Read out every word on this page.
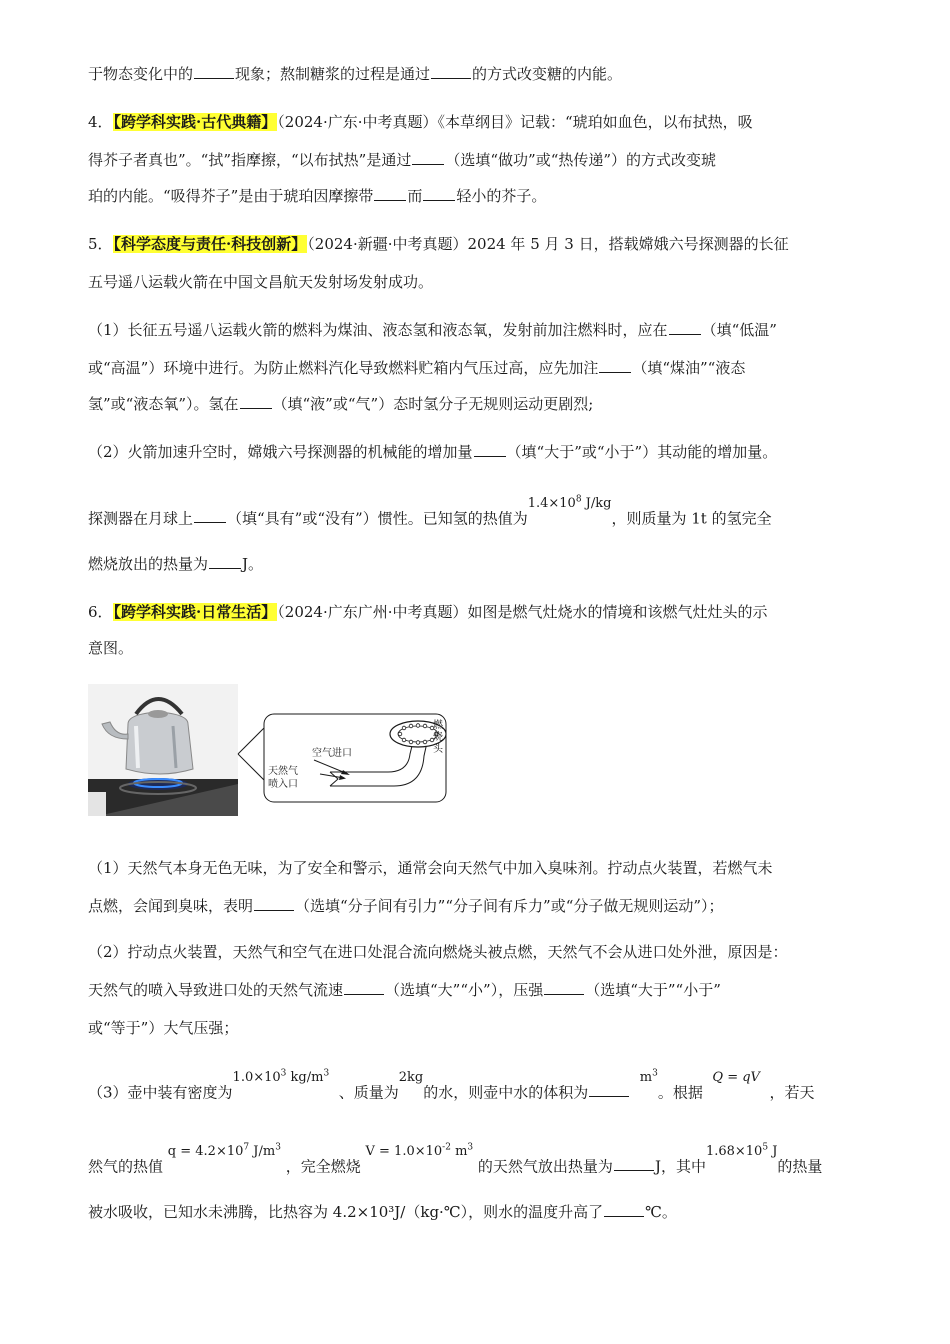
于物态变化中的	现象；熬制糖浆的过程是通过	的方式改变糖的内能。
4．【跨学科实践·古代典籍】（2024·广东·中考真题）《本草纲目》记载：“琥珀如血色，以布拭热，吸
得芥子者真也”。“拭”指摩擦，“以布拭热”是通过 （选填“做功”或“热传递”）的方式改变琥
珀的内能。“吸得芥子”是由于琥珀因摩擦带 而 轻小的芥子。
5．【科学态度与责任·科技创新】（2024·新疆·中考真题）2024 年 5 月 3 日，搭载嫦娥六号探测器的长征
五号遥八运载火箭在中国文昌航天发射场发射成功。
（1）长征五号遥八运载火箭的燃料为煤油、液态氢和液态氧，发射前加注燃料时，应在 （填“低温”
或“高温”）环境中进行。为防止燃料汽化导致燃料贮箱内气压过高，应先加注 （填“煤油”“液态
氢”或“液态氧”）。氢在 （填“液”或“气”）态时氢分子无规则运动更剧烈;
（2）火箭加速升空时，嫦娥六号探测器的机械能的增加量 （填“大于”或“小于”）其动能的增加量。
探测器在月球上 （填“具有”或“没有”）惯性。已知氢的热值为$1.4\times 10^8$ J/kg，则质量为 1t 的氢完全
燃烧放出的热量为 J。
6．【跨学科实践·日常生活】（2024·广东广州·中考真题）如图是燃气灶烧水的情境和该燃气灶灶头的示
意图。
空气进口
天然气
喷入口
燃
烧
头
（1）天然气本身无色无味，为了安全和警示，通常会向天然气中加入臭味剂。拧动点火装置，若燃气未
点燃，会闻到臭味，表明	（选填“分子间有引力”“分子间有斥力”或“分子做无规则运动”）；
（2）拧动点火装置，天然气和空气在进口处混合流向燃烧头被点燃，天然气不会从进口处外泄，原因是：
天然气的喷入导致进口处的天然气流速	（选填“大”“小”），压强	（选填“大于”“小于”
或“等于”）大气压强；
（3）壶中装有密度为$1.0\times 10^3$ $kg/m^3$  、质量为2kg的水，则壶中水的体积为  $m^3$。根据  Q = qV  ，若天
然气的热值 $q = 4.2\times 10^7$ $J/m^3$ ，完全燃烧 $V = 1.0\times 10^{-2}$ $m^3$ 的天然气放出热量为	J，其中$1.68\times 10^5$ J的热量
被水吸收，已知水未沸腾，比热容为 4.2×10³J/（kg·℃），则水的温度升高了	℃。
